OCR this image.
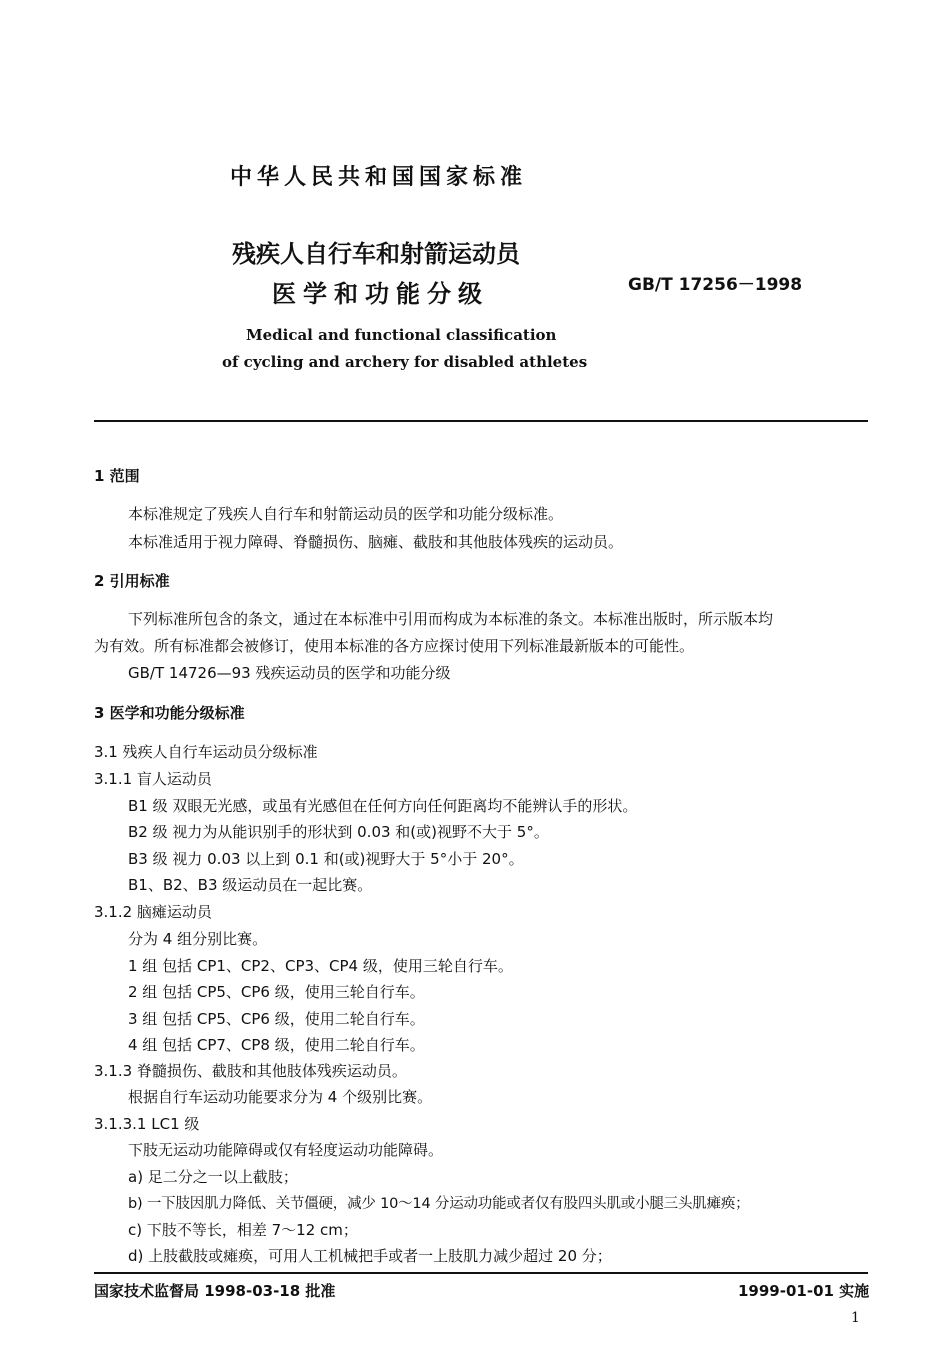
中华人民共和国国家标准
残疾人自行车和射箭运动员
医学和功能分级	GB/T 17256－1998
Medical and functional classification
of cycling and archery for disabled athletes
1 范围
本标准规定了残疾人自行车和射箭运动员的医学和功能分级标准。
本标准适用于视力障碍、脊髓损伤、脑瘫、截肢和其他肢体残疾的运动员。
2 引用标准
下列标准所包含的条文，通过在本标准中引用而构成为本标准的条文。本标准出版时，所示版本均
为有效。所有标准都会被修订，使用本标准的各方应探讨使用下列标准最新版本的可能性。
GB/T 14726—93 残疾运动员的医学和功能分级
3 医学和功能分级标准
3.1 残疾人自行车运动员分级标准
3.1.1 盲人运动员
B1 级 双眼无光感，或虽有光感但在任何方向任何距离均不能辨认手的形状。
B2 级 视力为从能识别手的形状到 0.03 和(或)视野不大于 5°。
B3 级 视力 0.03 以上到 0.1 和(或)视野大于 5°小于 20°。
B1、B2、B3 级运动员在一起比赛。
3.1.2 脑瘫运动员
分为 4 组分别比赛。
1 组 包括 CP1、CP2、CP3、CP4 级，使用三轮自行车。
2 组 包括 CP5、CP6 级，使用三轮自行车。
3 组 包括 CP5、CP6 级，使用二轮自行车。
4 组 包括 CP7、CP8 级，使用二轮自行车。
3.1.3 脊髓损伤、截肢和其他肢体残疾运动员。
根据自行车运动功能要求分为 4 个级别比赛。
3.1.3.1 LC1 级
下肢无运动功能障碍或仅有轻度运动功能障碍。
a) 足二分之一以上截肢；
b) 一下肢因肌力降低、关节僵硬，减少 10～14 分运动功能或者仅有股四头肌或小腿三头肌瘫痪；
c) 下肢不等长，相差 7～12 cm；
d) 上肢截肢或瘫痪，可用人工机械把手或者一上肢肌力减少超过 20 分；
国家技术监督局 1998-03-18 批准	1999-01-01 实施
1
